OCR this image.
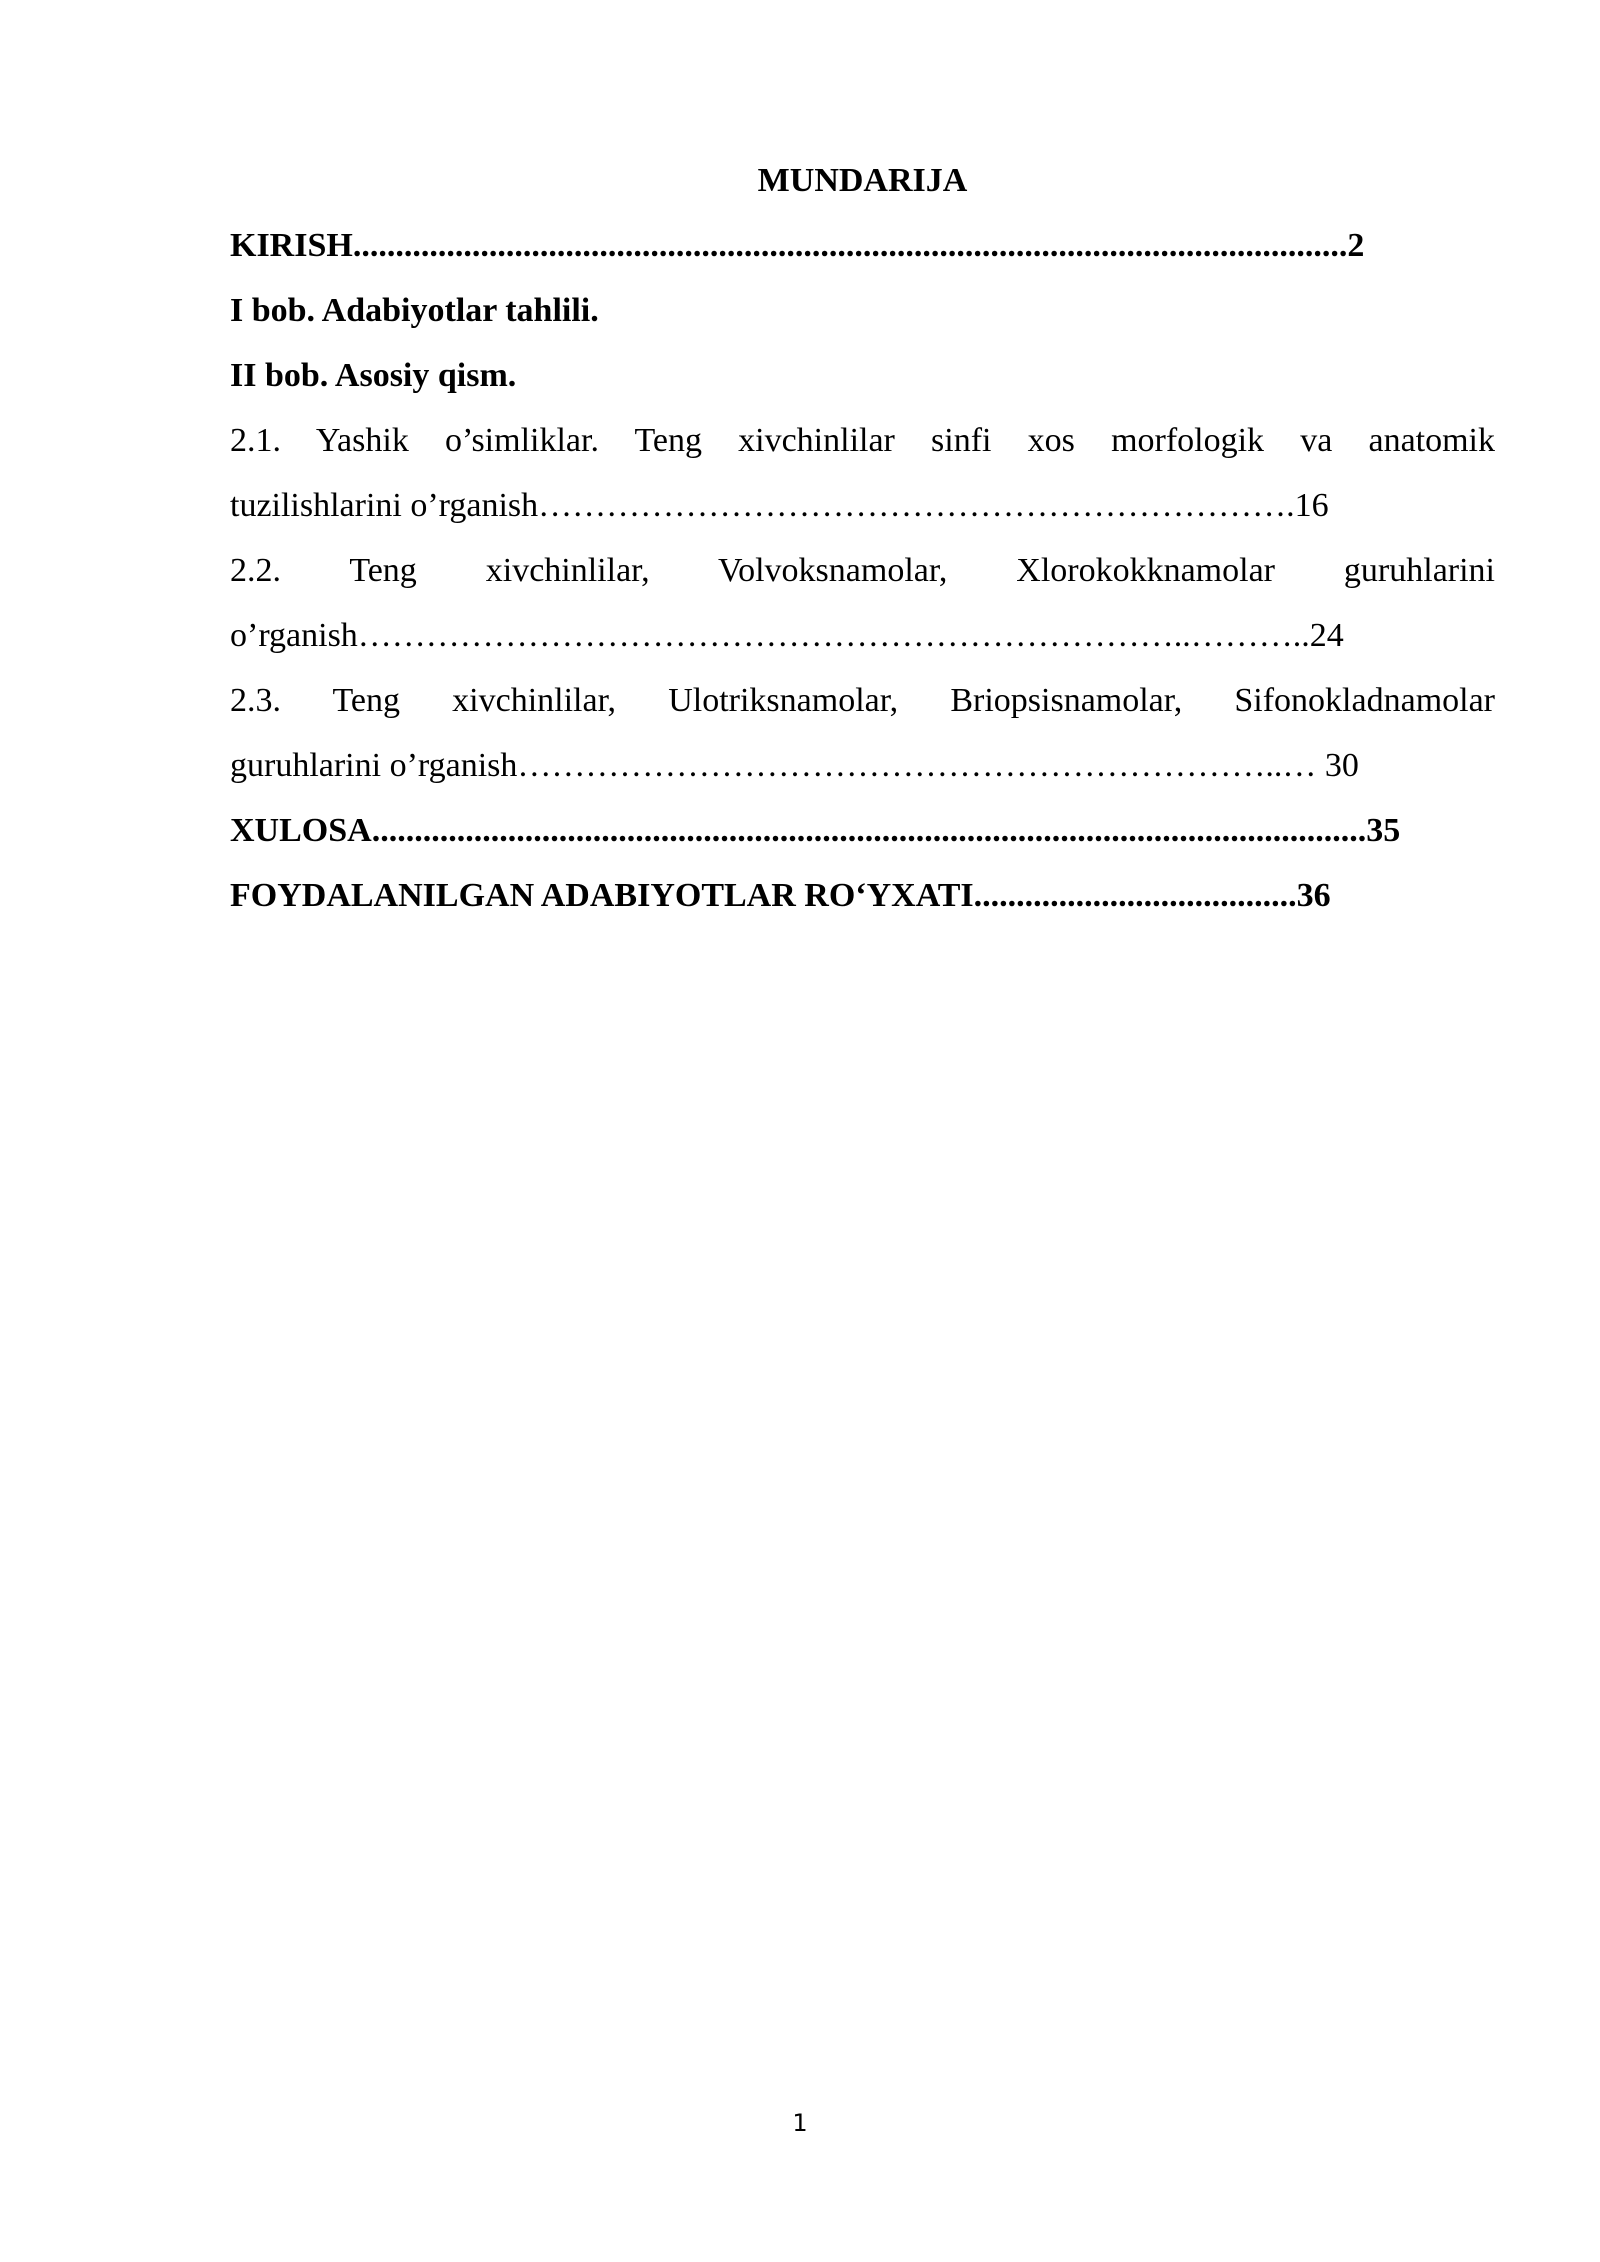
MUNDARIJA
KIRISH.....................................................................................................................2
I bob. Adabiyotlar tahlili.
II bob. Asosiy qism.
2.1. Yashik o’simliklar. Teng xivchinlilar sinfi xos morfologik va anatomik
tuzilishlarini o’rganish………………………………………………………….16
2.2. Teng xivchinlilar, Volvoksnamolar, Xlorokokknamolar guruhlarini
o’rganish………………………………………………………………..………..24
2.3. Teng xivchinlilar, Ulotriksnamolar, Briopsisnamolar, Sifonokladnamolar
guruhlarini o’rganish…………………………………………………………..… 30
XULOSA.....................................................................................................................35
FOYDALANILGAN ADABIYOTLAR RO‘YXATI......................................36
1
